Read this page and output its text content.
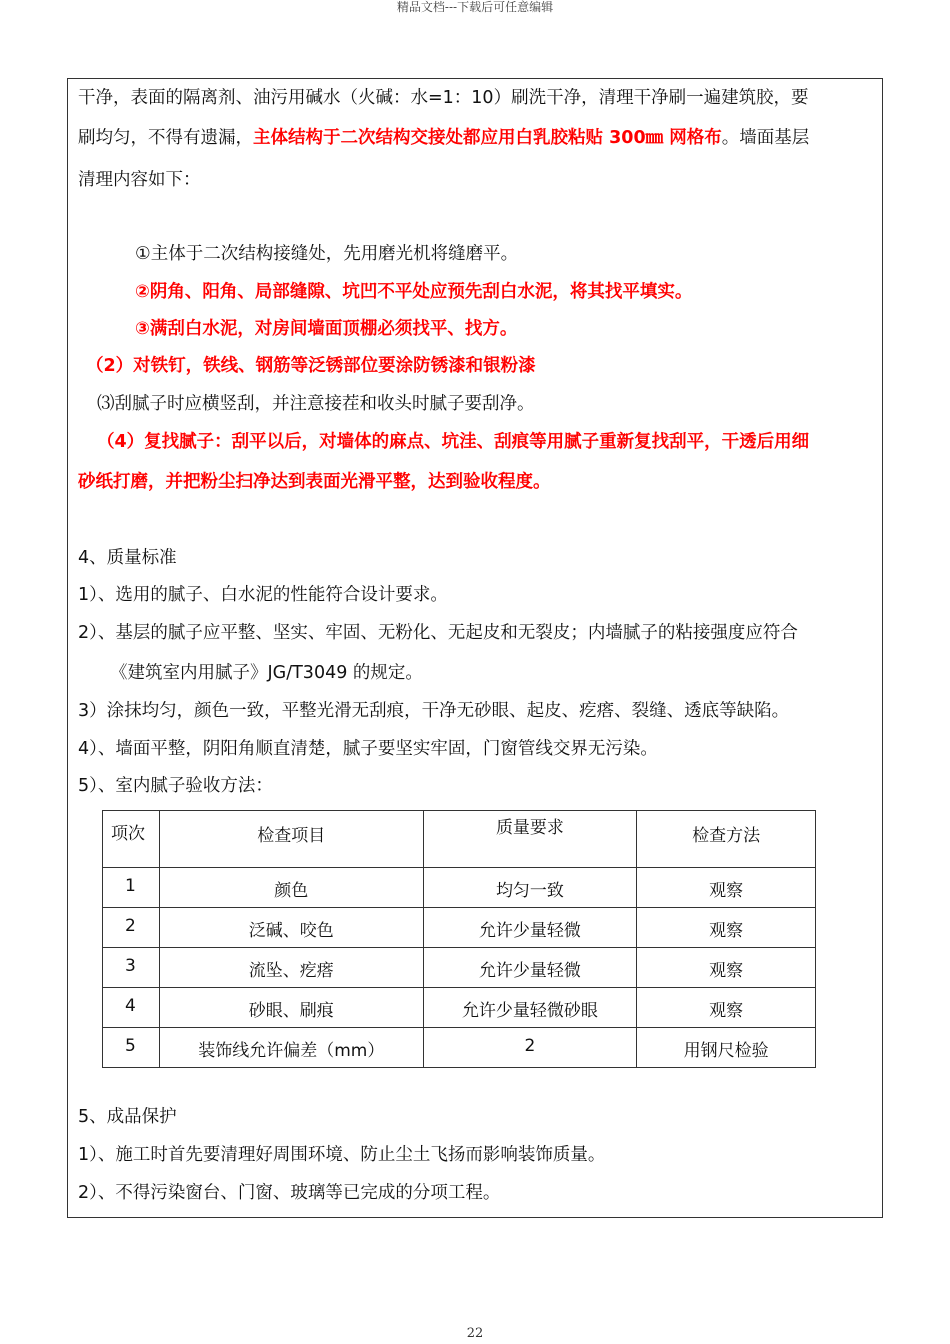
精品文档---下载后可任意编辑
干净，表面的隔离剂、油污用碱水（火碱：水=1：10）刷洗干净，清理干净刷一遍建筑胶，要
刷均匀，不得有遗漏，主体结构于二次结构交接处都应用白乳胶粘贴 300㎜ 网格布。墙面基层
清理内容如下：
①主体于二次结构接缝处，先用磨光机将缝磨平。
②阴角、阳角、局部缝隙、坑凹不平处应预先刮白水泥，将其找平填实。
③满刮白水泥，对房间墙面顶棚必须找平、找方。
（2）对铁钉，铁线、钢筋等泛锈部位要涂防锈漆和银粉漆
⑶刮腻子时应横竖刮，并注意接茬和收头时腻子要刮净。
（4）复找腻子：刮平以后，对墙体的麻点、坑洼、刮痕等用腻子重新复找刮平，干透后用细
砂纸打磨，并把粉尘扫净达到表面光滑平整，达到验收程度。
4、质量标准
1）、选用的腻子、白水泥的性能符合设计要求。
2）、基层的腻子应平整、坚实、牢固、无粉化、无起皮和无裂皮；内墙腻子的粘接强度应符合
《建筑室内用腻子》JG/T3049 的规定。
3）涂抹均匀，颜色一致，平整光滑无刮痕，干净无砂眼、起皮、疙瘩、裂缝、透底等缺陷。
4）、墙面平整，阴阳角顺直清楚，腻子要坚实牢固，门窗管线交界无污染。
5）、室内腻子验收方法：
项次	检查项目	质量要求	检查方法
1	颜色	均匀一致	观察
2	泛碱、咬色	允许少量轻微	观察
3	流坠、疙瘩	允许少量轻微	观察
4	砂眼、刷痕	允许少量轻微砂眼	观察
5	装饰线允许偏差（mm）	2	用钢尺检验
5、成品保护
1）、施工时首先要清理好周围环境、防止尘土飞扬而影响装饰质量。
2）、不得污染窗台、门窗、玻璃等已完成的分项工程。
22
